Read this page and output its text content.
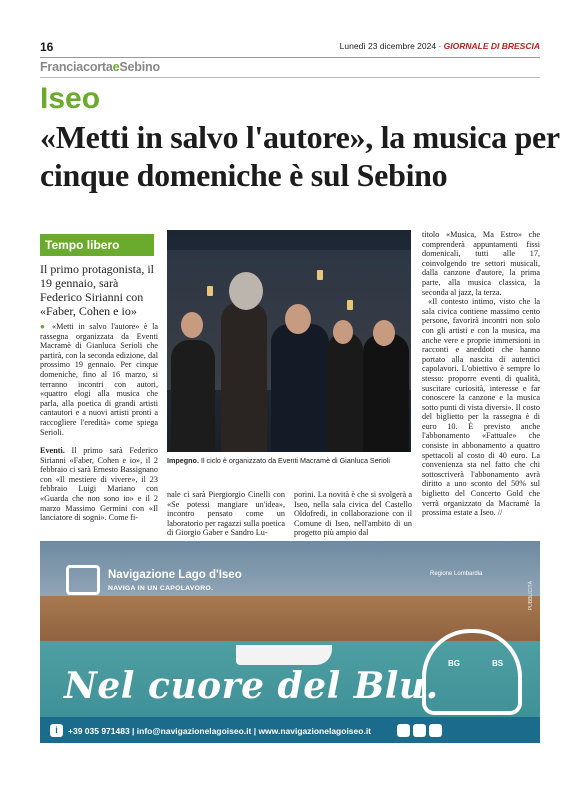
16	Lunedì 23 dicembre 2024 · GIORNALE DI BRESCIA
FranciacortaeSebino
Iseo
«Metti in salvo l'autore», la musica per cinque domeniche è sul Sebino
Tempo libero
Il primo protagonista, il 19 gennaio, sarà Federico Sirianni con «Faber, Cohen e io»

● «Metti in salvo l'autore» è la rassegna organizzata da Eventi Macramè di Gianluca Serioli che partirà, con la seconda edizione, dal prossimo 19 gennaio. Per cinque domeniche, fino al 16 marzo, si terranno incontri con autori, «quattro elogi alla musica che parla, alla poetica di grandi artisti cantautori e a nuovi artisti pronti a raccogliere l'eredità» come spiega Serioli.

Eventi. Il primo sarà Federico Sirianni «Faber, Cohen e io», il 2 febbraio ci sarà Ernesto Bassignano con «Il mestiere di vivere», il 23 febbraio Luigi Mariano con «Guarda che non sono io» e il 2 marzo Massimo Germini con «Il lanciatore di sogni». Come fi-

Impegno. Il ciclo è organizzato da Eventi Macramè di Gianluca Serioli

nale ci sarà Piergiorgio Cinelli con «Se potessi mangiare un'idea», incontro pensato come un laboratorio per ragazzi sulla poetica di Giorgio Gaber e Sandro Lu-

porini. La novità è che si svolgerà a Iseo, nella sala civica del Castello Oldofredi, in collaborazione con il Comune di Iseo, nell'ambito di un progetto più ampio dal

titolo «Musica, Ma Estro» che comprenderà appuntamenti fissi domenicali, tutti alle 17, coinvolgendo tre settori musicali, dalla canzone d'autore, la prima parte, alla musica classica, la seconda al jazz, la terza.

«Il contesto intimo, visto che la sala civica contiene massimo cento persone, favorirà incontri non solo con gli artisti e con la musica, ma anche vere e proprie immersioni in racconti e aneddoti che hanno portato alla nascita di autentici capolavori. L'obiettivo è sempre lo stesso: proporre eventi di qualità, suscitare curiosità, interesse e far conoscere la canzone e la musica sotto punti di vista diversi». Il costo del biglietto per la rassegna è di euro 10. È previsto anche l'abbonamento «Fattuale» che consiste in abbonamento a quattro spettacoli al costo di 40 euro. La convenienza sta nel fatto che chi sottoscriverà l'abbonamento avrà diritto a uno sconto del 50% sul biglietto del Concerto Gold che verrà organizzato da Macramè la prossima estate a Iseo. //

Navigazione Lago d'Iseo
NAVIGA IN UN CAPOLAVORO.
Regione Lombardia
PUBBLICITÀ
Nel cuore del Blu.
BG	BS
i	+39 035 971483 | info@navigazionelagoiseo.it | www.navigazionelagoiseo.it
